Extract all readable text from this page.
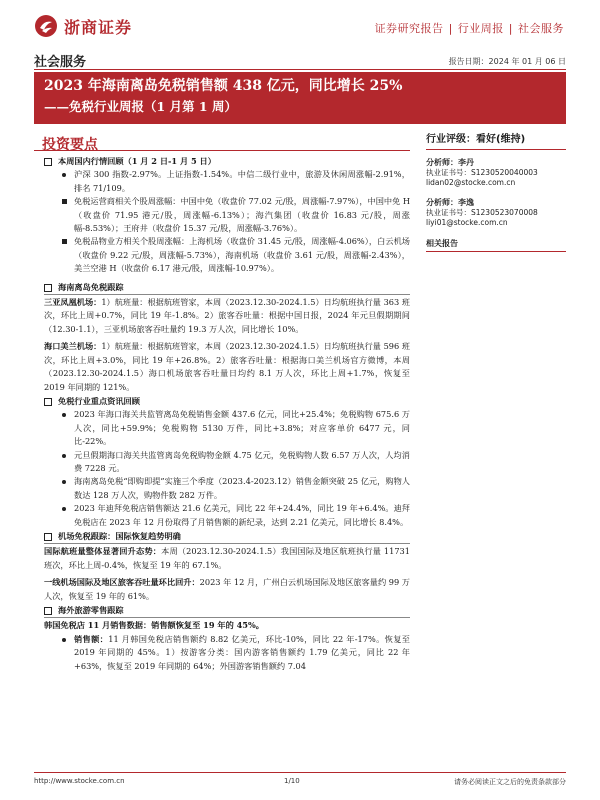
浙商证券	证券研究报告 | 行业周报 | 社会服务
社会服务	报告日期：2024 年 01 月 06 日
2023 年海南离岛免税销售额 438 亿元，同比增长 25%
——免税行业周报（1 月第 1 周）
投资要点	行业评级：看好(维持)
分析师：李丹
执业证书号：S1230520040003
lidan02@stocke.com.cn
分析师：李逸
执业证书号：S1230523070008
liyi01@stocke.com.cn
相关报告
本周国内行情回顾（1 月 2 日-1 月 5 日）
沪深 300 指数-2.97%。上证指数-1.54%。中信二级行业中，旅游及休闲周涨幅-2.91%，排名 71/109。
免税运营商相关个股周涨幅：中国中免（收盘价 77.02 元/股，周涨幅-7.97%），中国中免 H（收盘价 71.95 港元/股，周涨幅-6.13%）；海汽集团（收盘价 16.83 元/股，周涨幅-8.53%）；王府井（收盘价 15.37 元/股，周涨幅-3.76%）。
免税品物业方相关个股周涨幅：上海机场（收盘价 31.45 元/股，周涨幅-4.06%），白云机场（收盘价 9.22 元/股，周涨幅-5.73%），海南机场（收盘价 3.61 元/股，周涨幅-2.43%），美兰空港 H（收盘价 6.17 港元/股，周涨幅-10.97%）。
海南离岛免税跟踪
三亚凤凰机场：1）航班量：根据航班管家，本周（2023.12.30-2024.1.5）日均航班执行量 363 班次，环比上周+0.7%，同比 19 年-1.8%。2）旅客吞吐量：根据中国日报，2024 年元旦假期期间（12.30-1.1），三亚机场旅客吞吐量约 19.3 万人次，同比增长 10%。
海口美兰机场：1）航班量：根据航班管家，本周（2023.12.30-2024.1.5）日均航班执行量 596 班次，环比上周+3.0%，同比 19 年+26.8%。2）旅客吞吐量：根据海口美兰机场官方微博，本周（2023.12.30-2024.1.5）海口机场旅客吞吐量日均约 8.1 万人次，环比上周+1.7%，恢复至 2019 年同期的 121%。
免税行业重点资讯回顾
2023 年海口海关共监管离岛免税销售金额 437.6 亿元，同比+25.4%；免税购物 675.6 万人次，同比+59.9%；免税购物 5130 万件，同比+3.8%；对应客单价 6477 元，同比-22%。
元旦假期海口海关共监管离岛免税购物金额 4.75 亿元，免税购物人数 6.57 万人次，人均消费 7228 元。
海南离岛免税“即购即提”实施三个季度（2023.4-2023.12）销售金额突破 25 亿元，购物人数达 128 万人次，购物件数 282 万件。
2023 年迪拜免税店销售额达 21.6 亿美元，同比 22 年+24.4%，同比 19 年+6.4%。迪拜免税店在 2023 年 12 月份取得了月销售额的新纪录，达到 2.21 亿美元，同比增长 8.4%。
机场免税跟踪：国际恢复趋势明确
国际航班量整体显著回升态势：本周（2023.12.30-2024.1.5）我国国际及地区航班执行量 11731 班次，环比上周-0.4%，恢复至 19 年的 67.1%。
一线机场国际及地区旅客吞吐量环比回升：2023 年 12 月，广州白云机场国际及地区旅客量约 99 万人次，恢复至 19 年的 61%。
海外旅游零售跟踪
韩国免税店 11 月销售数据：销售额恢复至 19 年的 45%。
销售额：11 月韩国免税店销售额约 8.82 亿美元，环比-10%，同比 22 年-17%。恢复至 2019 年同期的 45%。1）按游客分类：国内游客销售额约 1.79 亿美元，同比 22 年+63%，恢复至 2019 年同期的 64%；外国游客销售额约 7.04
http://www.stocke.com.cn	1/10	请务必阅读正文之后的免责条款部分
